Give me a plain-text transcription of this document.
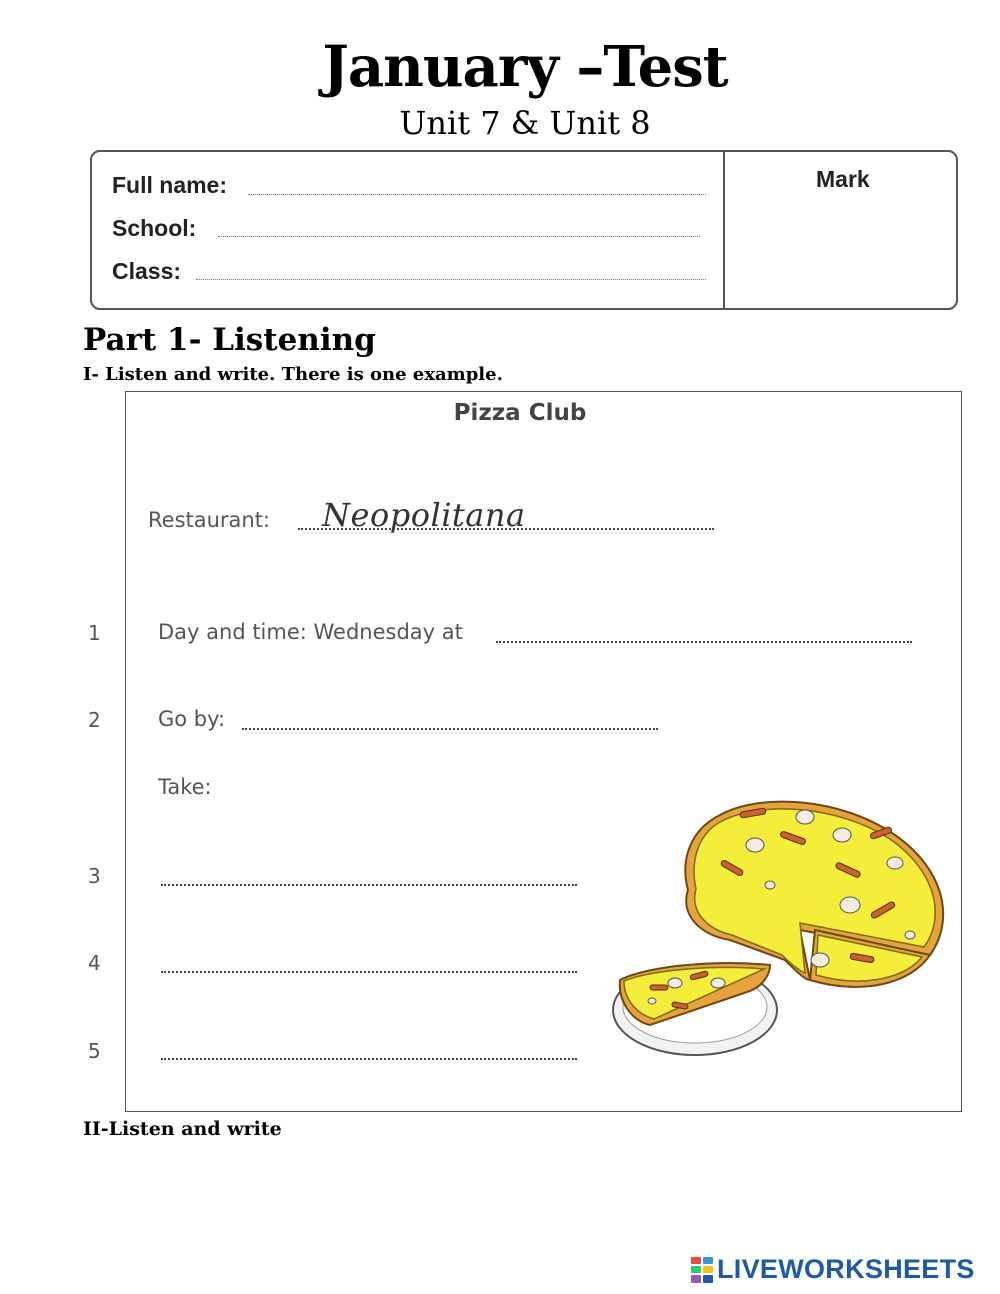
January –Test
Unit 7 & Unit 8
Full name:
School:
Class:
Mark
Part 1- Listening
I- Listen and write. There is one example.
Pizza Club
Restaurant: Neopolitana
1	Day and time: Wednesday at
2	Go by:
Take:
3
4
5
II-Listen and write
LIVEWORKSHEETS
